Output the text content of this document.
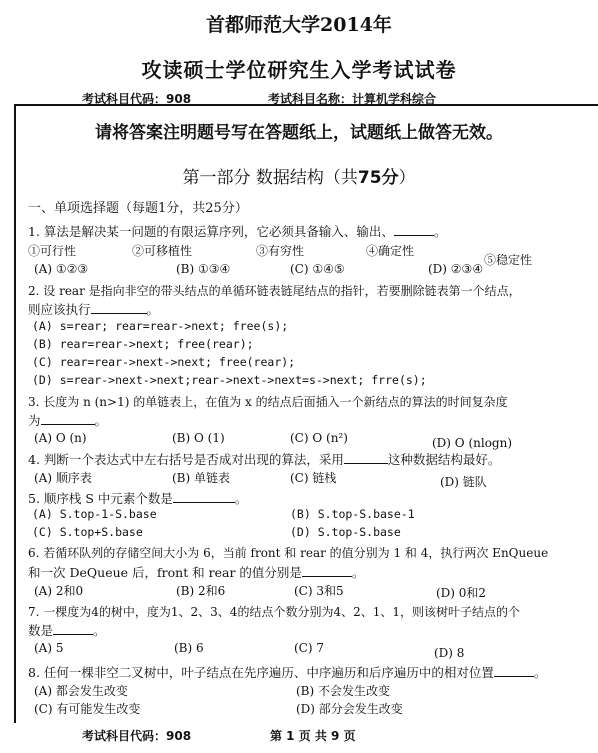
首都师范大学2014年
攻读硕士学位研究生入学考试试卷
考试科目代码：908	考试科目名称：计算机学科综合
请将答案注明题号写在答题纸上，试题纸上做答无效。
第一部分 数据结构（共75分）
一、单项选择题（每题1分，共25分）
1. 算法是解决某一问题的有限运算序列，它必须具备输入、输出、	。
①可行性	②可移植性	③有穷性	④确定性
⑤稳定性
(A) ①②③	(B) ①③④	(C) ①④⑤	(D) ②③④
2. 设 rear 是指向非空的带头结点的单循环链表链尾结点的指针，若要删除链表第一个结点，
则应该执行	。
(A) s=rear; rear=rear->next; free(s);
(B) rear=rear->next; free(rear);
(C) rear=rear->next->next; free(rear);
(D) s=rear->next->next;rear->next->next=s->next; frre(s);
3. 长度为 n (n>1) 的单链表上，在值为 x 的结点后面插入一个新结点的算法的时间复杂度
为	。
(A) O (n)	(B) O (1)	(C) O (n²)	(D) O (nlogn)
4. 判断一个表达式中左右括号是否成对出现的算法，采用	这种数据结构最好。
(A) 顺序表	(B) 单链表	(C) 链栈	(D) 链队
5. 顺序栈 S 中元素个数是	。
(A) S.top-1-S.base	(B) S.top-S.base-1
(C) S.top+S.base	(D) S.top-S.base
6. 若循环队列的存储空间大小为 6，当前 front 和 rear 的值分别为 1 和 4，执行两次 EnQueue
和一次 DeQueue 后，front 和 rear 的值分别是	。
(A) 2和0	(B) 2和6	(C) 3和5	(D) 0和2
7. 一棵度为4的树中，度为1、2、3、4的结点个数分别为4、2、1、1，则该树叶子结点的个
数是	。
(A) 5	(B) 6	(C) 7	(D) 8
8. 任何一棵非空二叉树中，叶子结点在先序遍历、中序遍历和后序遍历中的相对位置	。
(A) 都会发生改变	(B) 不会发生改变
(C) 有可能发生改变	(D) 部分会发生改变
考试科目代码：908	第 1 页 共 9 页
